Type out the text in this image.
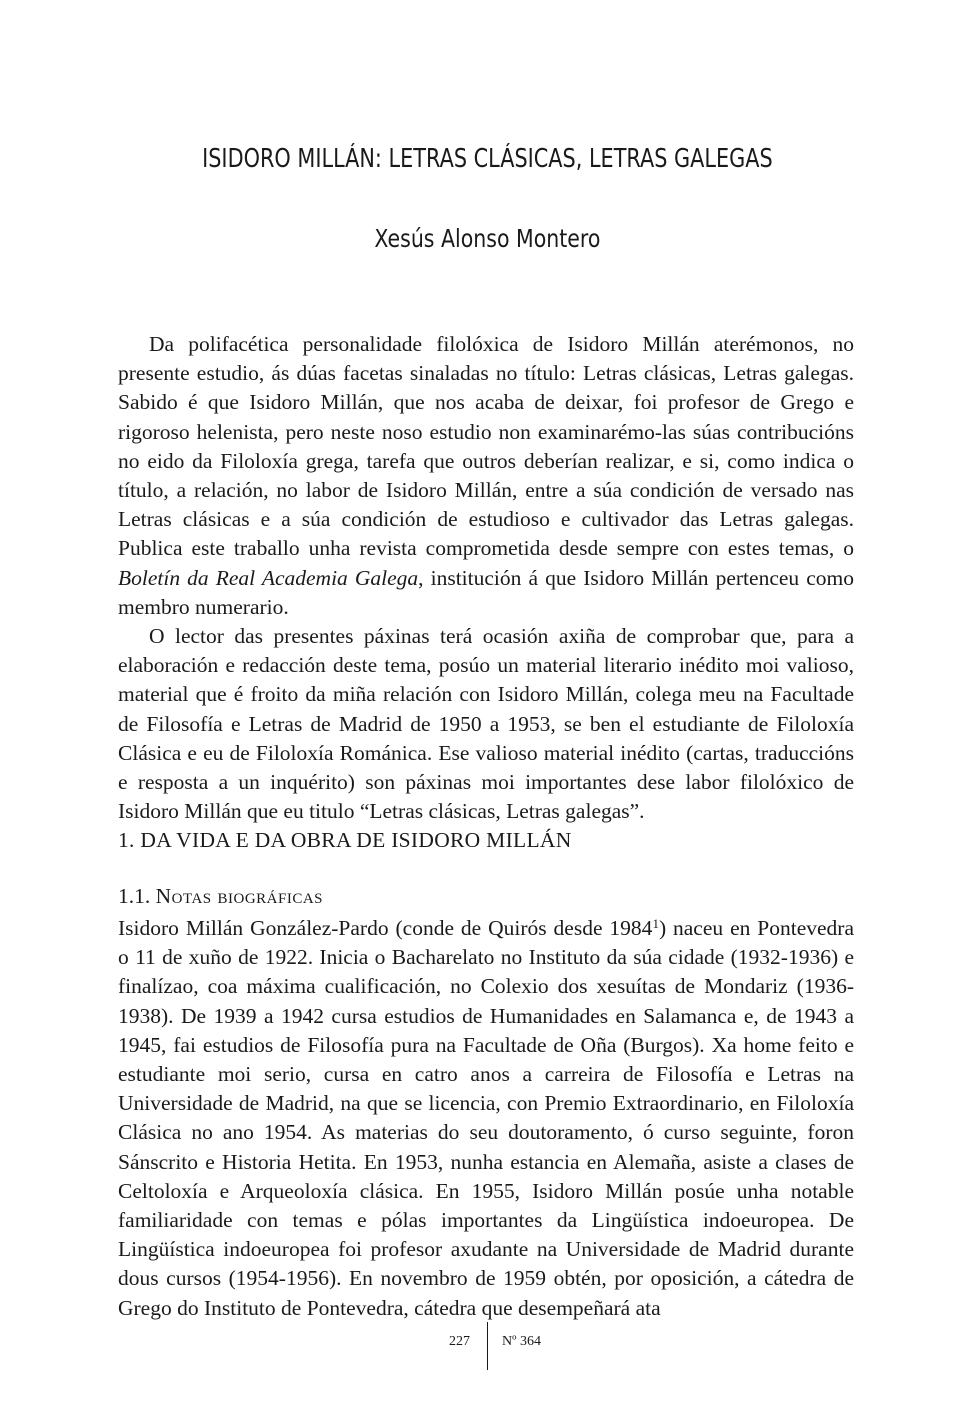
ISIDORO MILLÁN: LETRAS CLÁSICAS, LETRAS GALEGAS
Xesús Alonso Montero

Da polifacética personalidade filolóxica de Isidoro Millán aterémonos, no presente estudio, ás dúas facetas sinaladas no título: Letras clásicas, Letras galegas. Sabido é que Isidoro Millán, que nos acaba de deixar, foi profesor de Grego e rigoroso helenista, pero neste noso estudio non examinarémo-las súas contribucións no eido da Filoloxía grega, tarefa que outros deberían realizar, e si, como indica o título, a relación, no labor de Isidoro Millán, entre a súa condición de versado nas Letras clásicas e a súa condición de estudioso e cultivador das Letras galegas. Publica este traballo unha revista comprometida desde sempre con estes temas, o Boletín da Real Academia Galega, institución á que Isidoro Millán pertenceu como membro numerario.

O lector das presentes páxinas terá ocasión axiña de comprobar que, para a elaboración e redacción deste tema, posúo un material literario inédito moi valioso, material que é froito da miña relación con Isidoro Millán, colega meu na Facultade de Filosofía e Letras de Madrid de 1950 a 1953, se ben el estudiante de Filoloxía Clásica e eu de Filoloxía Románica. Ese valioso material inédito (cartas, traduccións e resposta a un inquérito) son páxinas moi importantes dese labor filolóxico de Isidoro Millán que eu titulo “Letras clásicas, Letras galegas”.

1. DA VIDA E DA OBRA DE ISIDORO MILLÁN
1.1. Notas biográficas

Isidoro Millán González-Pardo (conde de Quirós desde 1984$^1$) naceu en Pontevedra o 11 de xuño de 1922. Inicia o Bacharelato no Instituto da súa cidade (1932-1936) e finalízao, coa máxima cualificación, no Colexio dos xesuítas de Mondariz (1936-1938). De 1939 a 1942 cursa estudios de Humanidades en Salamanca e, de 1943 a 1945, fai estudios de Filosofía pura na Facultade de Oña (Burgos). Xa home feito e estudiante moi serio, cursa en catro anos a carreira de Filosofía e Letras na Universidade de Madrid, na que se licencia, con Premio Extraordinario, en Filoloxía Clásica no ano 1954. As materias do seu doutoramento, ó curso seguinte, foron Sánscrito e Historia Hetita. En 1953, nunha estancia en Alemaña, asiste a clases de Celtoloxía e Arqueoloxía clásica. En 1955, Isidoro Millán posúe unha notable familiaridade con temas e pólas importantes da Lingüística indoeuropea. De Lingüística indoeuropea foi profesor axudante na Universidade de Madrid durante dous cursos (1954-1956). En novembro de 1959 obtén, por oposición, a cátedra de Grego do Instituto de Pontevedra, cátedra que desempeñará ata

227 Nº 364
